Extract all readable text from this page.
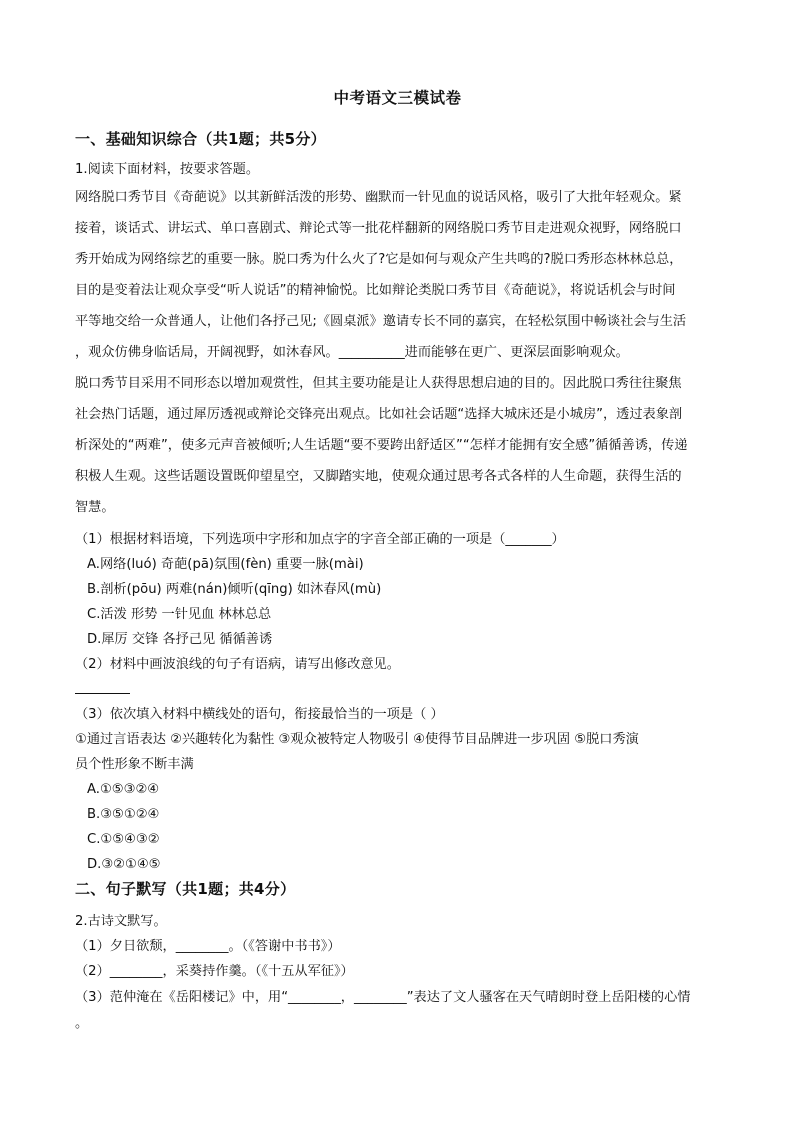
中考语文三模试卷
一、基础知识综合（共1题；共5分）
1.阅读下面材料，按要求答题。
网络脱口秀节目《奇葩说》以其新鲜活泼的形势、幽默而一针见血的说话风格，吸引了大批年轻观众。紧
接着，谈话式、讲坛式、单口喜剧式、辩论式等一批花样翻新的网络脱口秀节目走进观众视野，网络脱口
秀开始成为网络综艺的重要一脉。脱口秀为什么火了?它是如何与观众产生共鸣的?脱口秀形态林林总总，
目的是变着法让观众享受“听人说话”的精神愉悦。比如辩论类脱口秀节目《奇葩说》，将说话机会与时间
平等地交给一众普通人，让他们各抒己见;《圆桌派》邀请专长不同的嘉宾，在轻松氛围中畅谈社会与生活
，观众仿佛身临话局，开阔视野，如沐春风。__________进而能够在更广、更深层面影响观众。
脱口秀节目采用不同形态以增加观赏性，但其主要功能是让人获得思想启迪的目的。因此脱口秀往往聚焦
社会热门话题，通过犀厉透视或辩论交锋亮出观点。比如社会话题“选择大城床还是小城房”，透过表象剖
析深处的“两难”，使多元声音被倾听;人生话题“要不要跨出舒适区”“怎样才能拥有安全感”循循善诱，传递
积极人生观。这些话题设置既仰望星空，又脚踏实地，使观众通过思考各式各样的人生命题，获得生活的
智慧。
（1）根据材料语境，下列选项中字形和加点字的字音全部正确的一项是（_______）
A.网络(luó) 奇葩(pā)氛围(fèn) 重要一脉(mài)
B.剖析(pōu) 两难(nán)倾听(qīng) 如沐春风(mù)
C.活泼 形势 一针见血 林林总总
D.犀厉 交锋 各抒己见 循循善诱
（2）材料中画波浪线的句子有语病，请写出修改意见。
（3）依次填入材料中横线处的语句，衔接最恰当的一项是（ ）
①通过言语表达 ②兴趣转化为黏性 ③观众被特定人物吸引 ④使得节目品牌进一步巩固 ⑤脱口秀演
员个性形象不断丰满
A.①⑤③②④
B.③⑤①②④
C.①⑤④③②
D.③②①④⑤
二、句子默写（共1题；共4分）
2.古诗文默写。
（1）夕日欲颓，________。（《答谢中书书》）
（2）________，采葵持作羹。（《十五从军征》）
（3）范仲淹在《岳阳楼记》中，用“________，________”表达了文人骚客在天气晴朗时登上岳阳楼的心情
。
